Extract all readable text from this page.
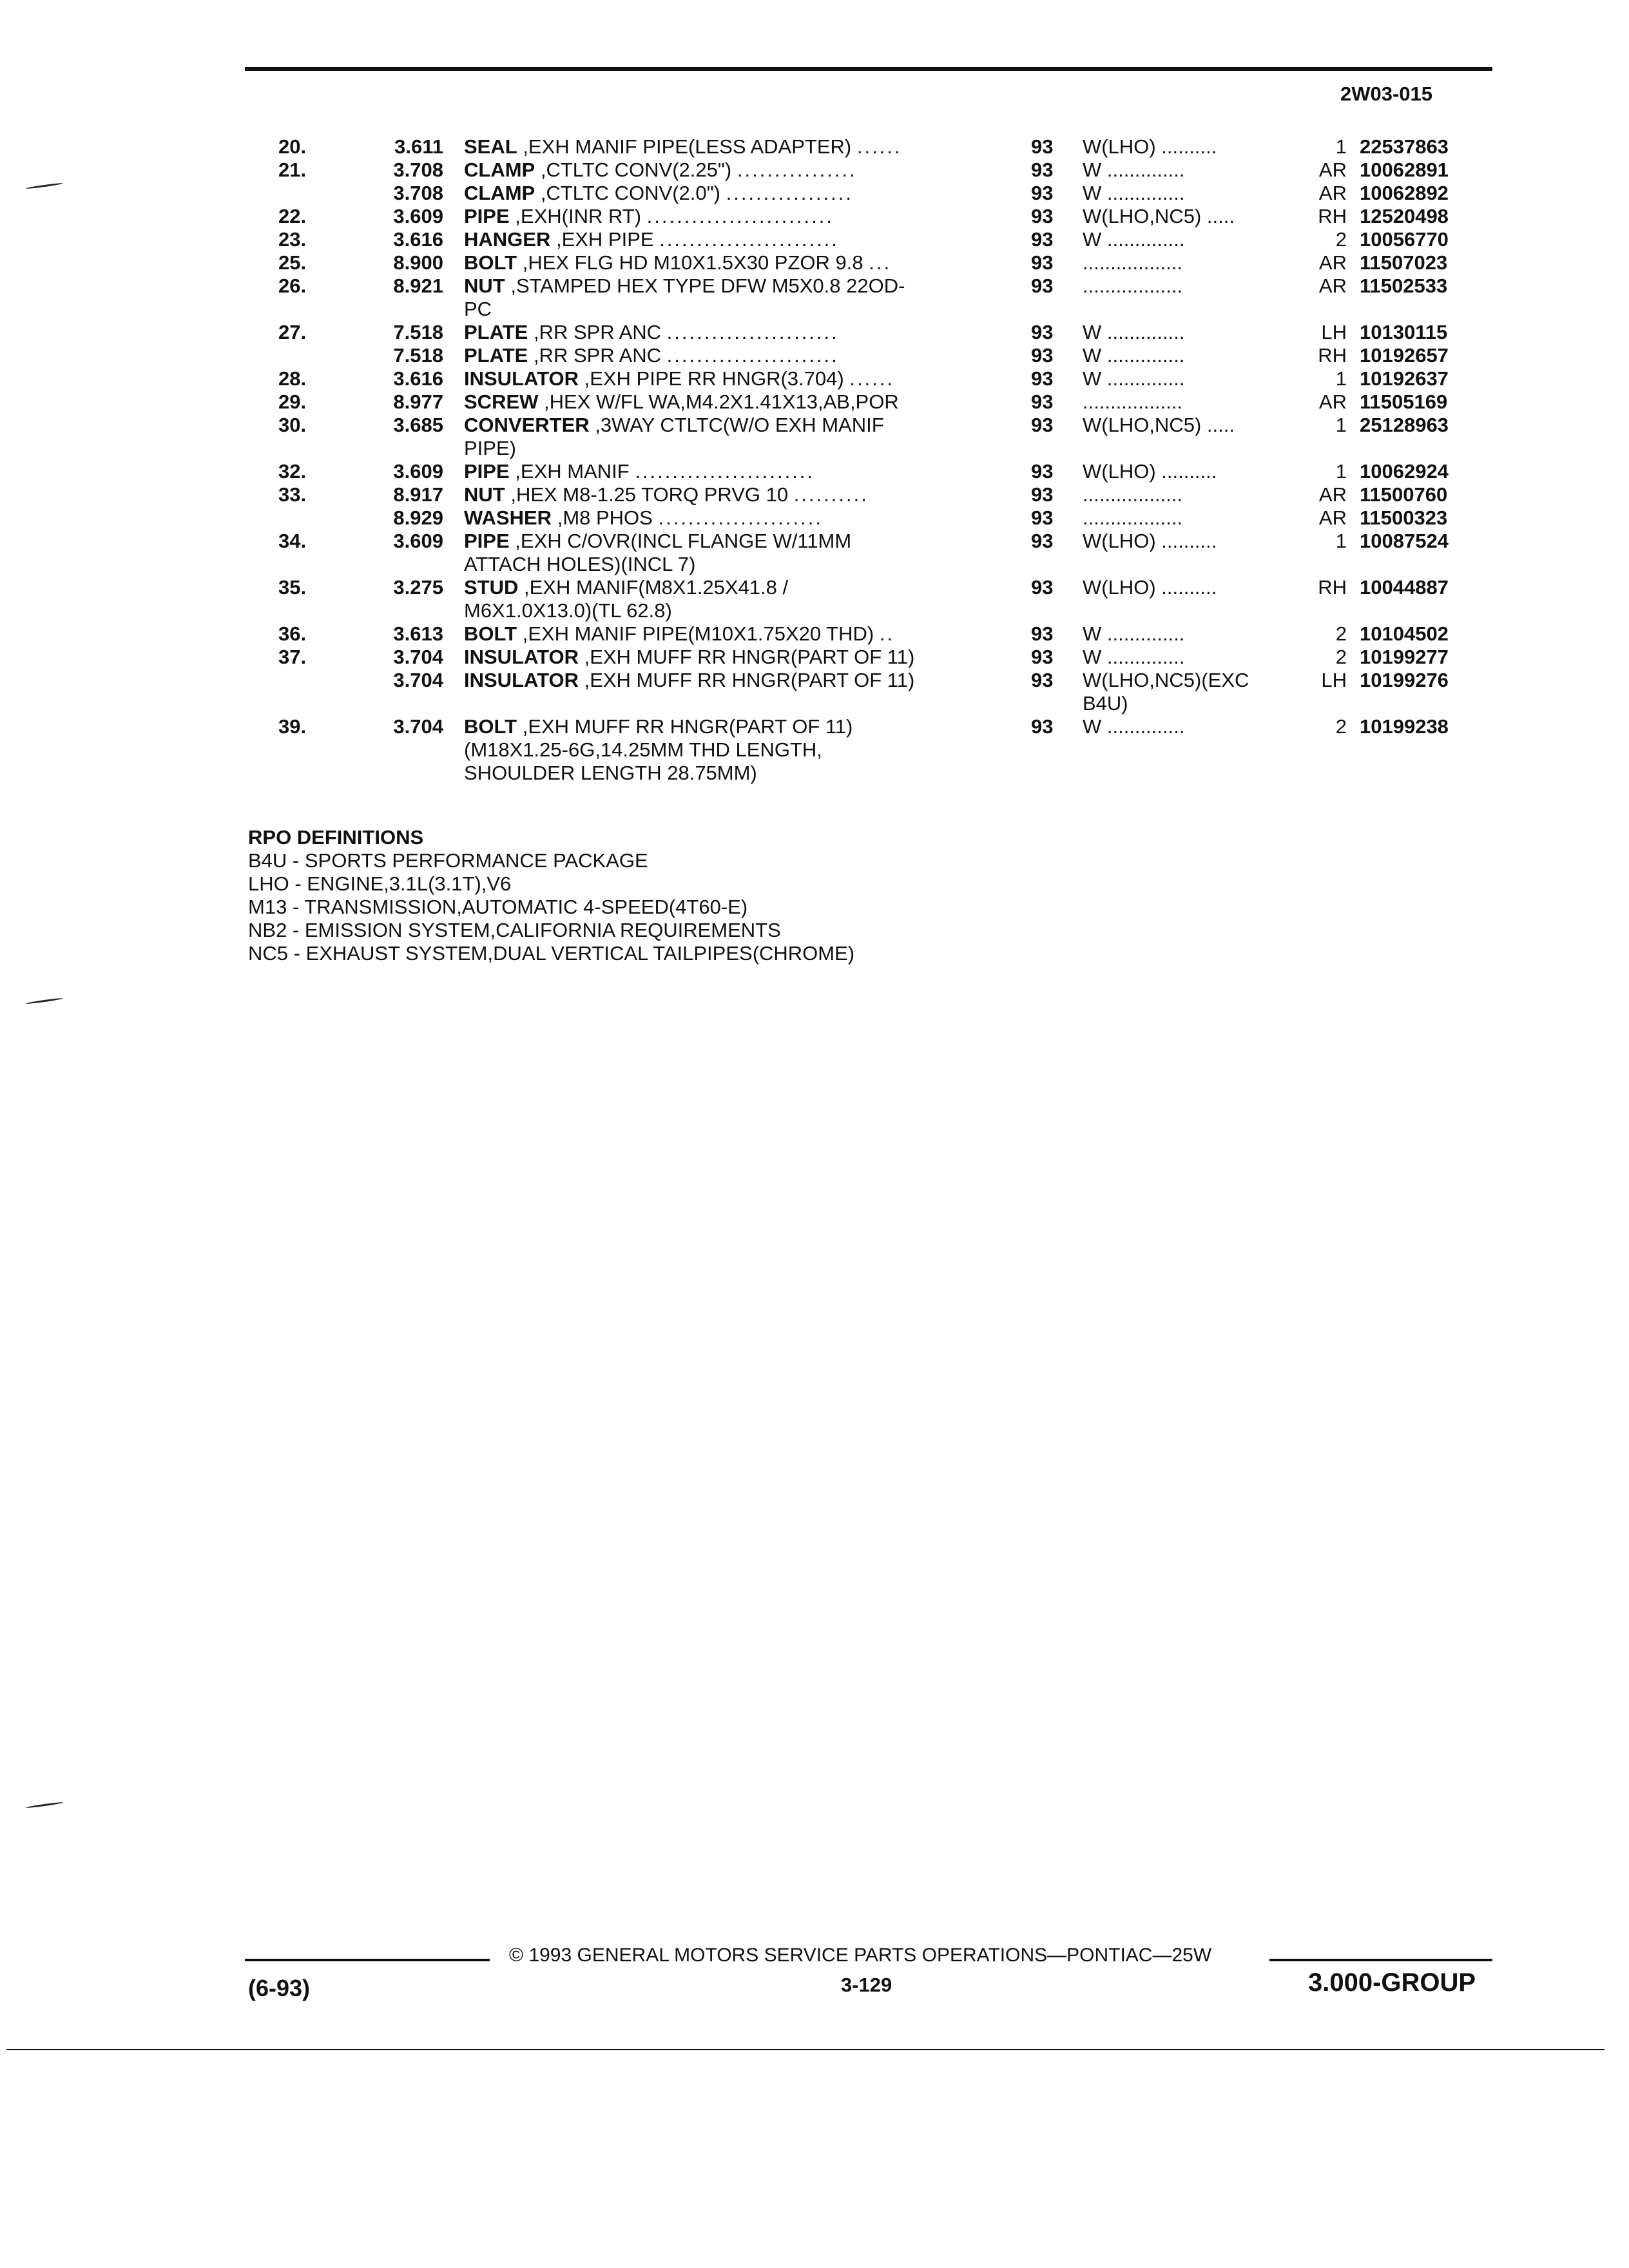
2W03-015
20.	3.611 SEAL ,EXH MANIF PIPE(LESS ADAPTER) ......	93	W(LHO) ..........	1 22537863
21.	3.708 CLAMP ,CTLTC CONV(2.25") ................	93	W ..............	AR 10062891
3.708 CLAMP ,CTLTC CONV(2.0") .................	93	W ..............	AR 10062892
22.	3.609 PIPE ,EXH(INR RT) .........................	93	W(LHO,NC5) .....	RH 12520498
23.	3.616 HANGER ,EXH PIPE ........................	93	W ..............	2 10056770
25.	8.900 BOLT ,HEX FLG HD M10X1.5X30 PZOR 9.8 ...	93	..................	AR 11507023
26.	8.921 NUT ,STAMPED HEX TYPE DFW M5X0.8 22OD-	93	..................	AR 11502533
PC
27.	7.518 PLATE ,RR SPR ANC .......................	93	W ..............	LH 10130115
7.518 PLATE ,RR SPR ANC .......................	93	W ..............	RH 10192657
28.	3.616 INSULATOR ,EXH PIPE RR HNGR(3.704) ......	93	W ..............	1 10192637
29.	8.977 SCREW ,HEX W/FL WA,M4.2X1.41X13,AB,POR	93	..................	AR 11505169
30.	3.685 CONVERTER ,3WAY CTLTC(W/O EXH MANIF	93	W(LHO,NC5) .....	1 25128963
PIPE)
32.	3.609 PIPE ,EXH MANIF ........................	93	W(LHO) ..........	1 10062924
33.	8.917 NUT ,HEX M8-1.25 TORQ PRVG 10 ..........	93	..................	AR 11500760
8.929 WASHER ,M8 PHOS ......................	93	..................	AR 11500323
34.	3.609 PIPE ,EXH C/OVR(INCL FLANGE W/11MM	93	W(LHO) ..........	1 10087524
ATTACH HOLES)(INCL 7)
35.	3.275 STUD ,EXH MANIF(M8X1.25X41.8 /	93	W(LHO) ..........	RH 10044887
M6X1.0X13.0)(TL 62.8)
36.	3.613 BOLT ,EXH MANIF PIPE(M10X1.75X20 THD) ..	93	W ..............	2 10104502
37.	3.704 INSULATOR ,EXH MUFF RR HNGR(PART OF 11)	93	W ..............	2 10199277
3.704 INSULATOR ,EXH MUFF RR HNGR(PART OF 11)	93	W(LHO,NC5)(EXC	LH 10199276
B4U)
39.	3.704 BOLT ,EXH MUFF RR HNGR(PART OF 11)	93	W ..............	2 10199238
(M18X1.25-6G,14.25MM THD LENGTH,
SHOULDER LENGTH 28.75MM)
RPO DEFINITIONS
B4U - SPORTS PERFORMANCE PACKAGE
LHO - ENGINE,3.1L(3.1T),V6
M13 - TRANSMISSION,AUTOMATIC 4-SPEED(4T60-E)
NB2 - EMISSION SYSTEM,CALIFORNIA REQUIREMENTS
NC5 - EXHAUST SYSTEM,DUAL VERTICAL TAILPIPES(CHROME)
© 1993 GENERAL MOTORS SERVICE PARTS OPERATIONS—PONTIAC—25W
3-129
(6-93)	3.000-GROUP
